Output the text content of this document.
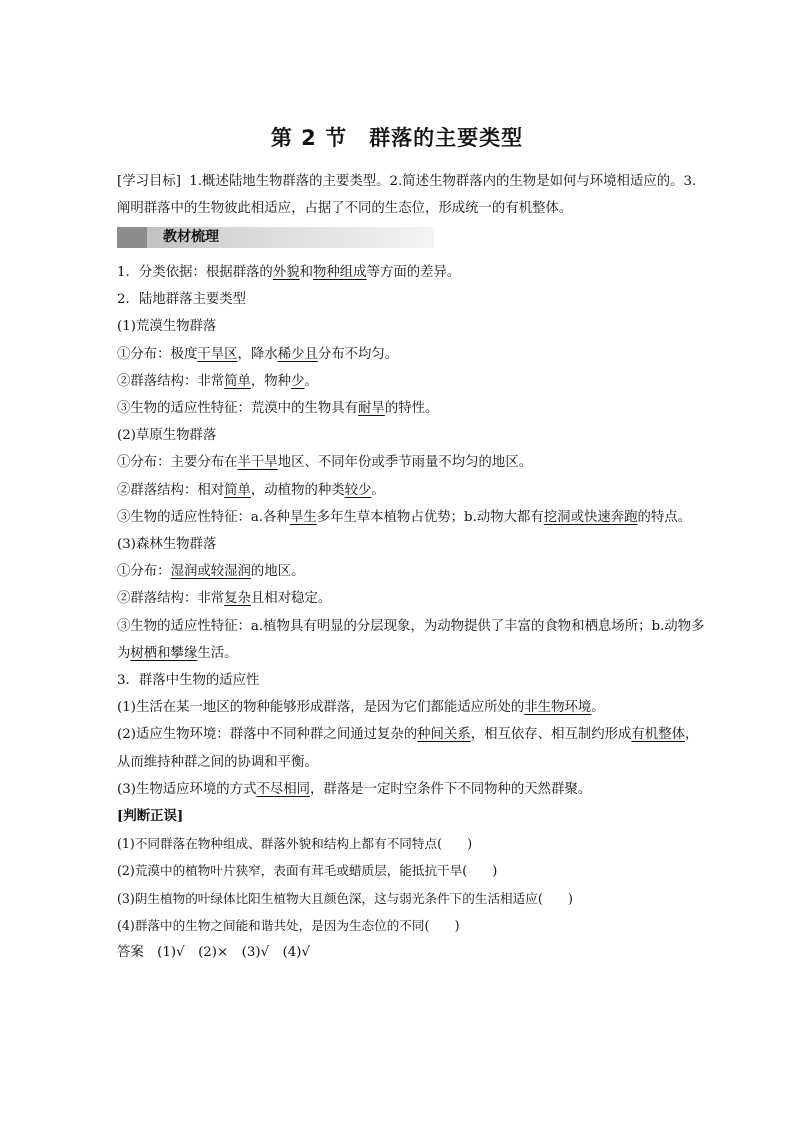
第 2 节　群落的主要类型
[学习目标] 1.概述陆地生物群落的主要类型。2.简述生物群落内的生物是如何与环境相适应的。3.阐明群落中的生物彼此相适应，占据了不同的生态位，形成统一的有机整体。
教材梳理
1．分类依据：根据群落的外貌和物种组成等方面的差异。
2．陆地群落主要类型
(1)荒漠生物群落
①分布：极度干旱区，降水稀少且分布不均匀。
②群落结构：非常简单，物种少。
③生物的适应性特征：荒漠中的生物具有耐旱的特性。
(2)草原生物群落
①分布：主要分布在半干旱地区、不同年份或季节雨量不均匀的地区。
②群落结构：相对简单，动植物的种类较少。
③生物的适应性特征：a.各种旱生多年生草本植物占优势；b.动物大都有挖洞或快速奔跑的特点。
(3)森林生物群落
①分布：湿润或较湿润的地区。
②群落结构：非常复杂且相对稳定。
③生物的适应性特征：a.植物具有明显的分层现象，为动物提供了丰富的食物和栖息场所；b.动物多为树栖和攀缘生活。
3．群落中生物的适应性
(1)生活在某一地区的物种能够形成群落，是因为它们都能适应所处的非生物环境。
(2)适应生物环境：群落中不同种群之间通过复杂的种间关系，相互依存、相互制约形成有机整体，从而维持种群之间的协调和平衡。
(3)生物适应环境的方式不尽相同，群落是一定时空条件下不同物种的天然群聚。
[判断正误]
(1)不同群落在物种组成、群落外貌和结构上都有不同特点(　　)
(2)荒漠中的植物叶片狭窄，表面有茸毛或蜡质层，能抵抗干旱(　　)
(3)阴生植物的叶绿体比阳生植物大且颜色深，这与弱光条件下的生活相适应(　　)
(4)群落中的生物之间能和谐共处，是因为生态位的不同(　　)
答案　(1)√　(2)×　(3)√　(4)√
